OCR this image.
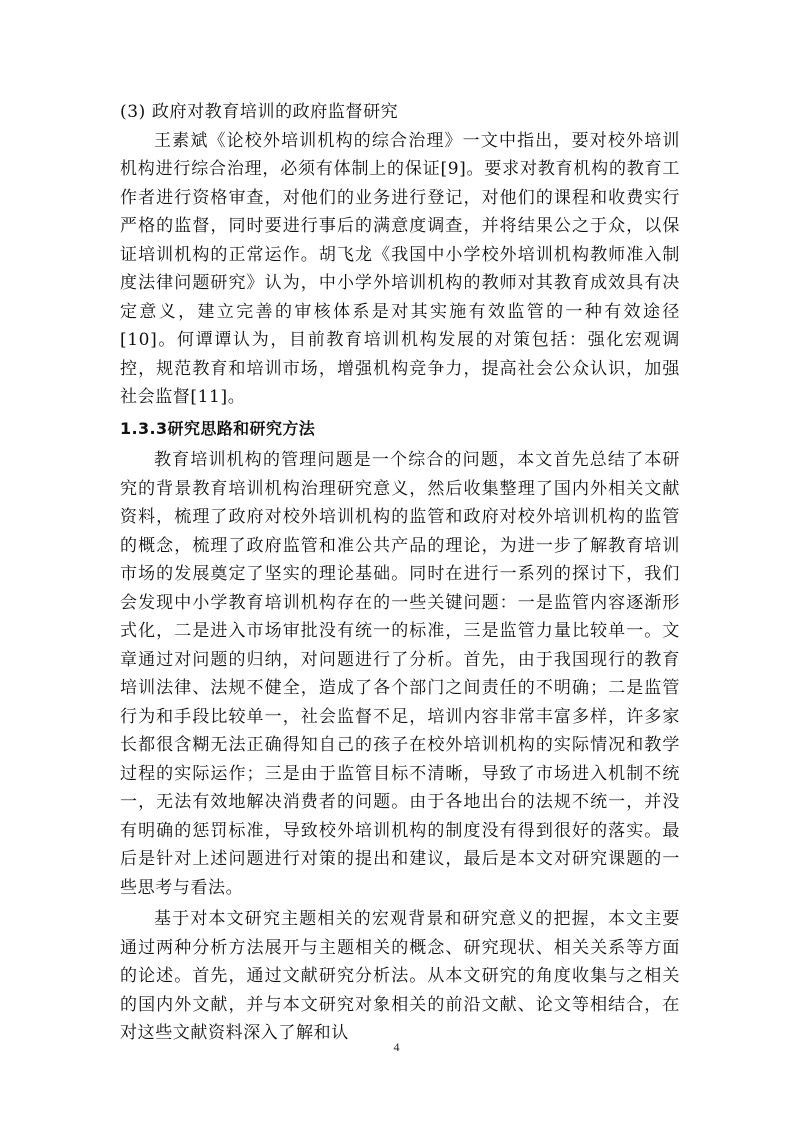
(3) 政府对教育培训的政府监督研究

王素斌《论校外培训机构的综合治理》一文中指出，要对校外培训机构进行综合治理，必须有体制上的保证[9]。要求对教育机构的教育工作者进行资格审查，对他们的业务进行登记，对他们的课程和收费实行严格的监督，同时要进行事后的满意度调查，并将结果公之于众，以保证培训机构的正常运作。胡飞龙《我国中小学校外培训机构教师准入制度法律问题研究》认为，中小学外培训机构的教师对其教育成效具有决定意义，建立完善的审核体系是对其实施有效监管的一种有效途径[10]。何谭谭认为，目前教育培训机构发展的对策包括：强化宏观调控，规范教育和培训市场，增强机构竞争力，提高社会公众认识，加强社会监督[11]。

1.3.3研究思路和研究方法

教育培训机构的管理问题是一个综合的问题，本文首先总结了本研究的背景教育培训机构治理研究意义，然后收集整理了国内外相关文献资料，梳理了政府对校外培训机构的监管和政府对校外培训机构的监管的概念，梳理了政府监管和准公共产品的理论，为进一步了解教育培训市场的发展奠定了坚实的理论基础。同时在进行一系列的探讨下，我们会发现中小学教育培训机构存在的一些关键问题：一是监管内容逐渐形式化，二是进入市场审批没有统一的标准，三是监管力量比较单一。文章通过对问题的归纳，对问题进行了分析。首先，由于我国现行的教育培训法律、法规不健全，造成了各个部门之间责任的不明确；二是监管行为和手段比较单一，社会监督不足，培训内容非常丰富多样，许多家长都很含糊无法正确得知自己的孩子在校外培训机构的实际情况和教学过程的实际运作；三是由于监管目标不清晰，导致了市场进入机制不统一，无法有效地解决消费者的问题。由于各地出台的法规不统一，并没有明确的惩罚标准，导致校外培训机构的制度没有得到很好的落实。最后是针对上述问题进行对策的提出和建议，最后是本文对研究课题的一些思考与看法。

基于对本文研究主题相关的宏观背景和研究意义的把握，本文主要通过两种分析方法展开与主题相关的概念、研究现状、相关关系等方面的论述。首先，通过文献研究分析法。从本文研究的角度收集与之相关的国内外文献，并与本文研究对象相关的前沿文献、论文等相结合，在对这些文献资料深入了解和认

4
